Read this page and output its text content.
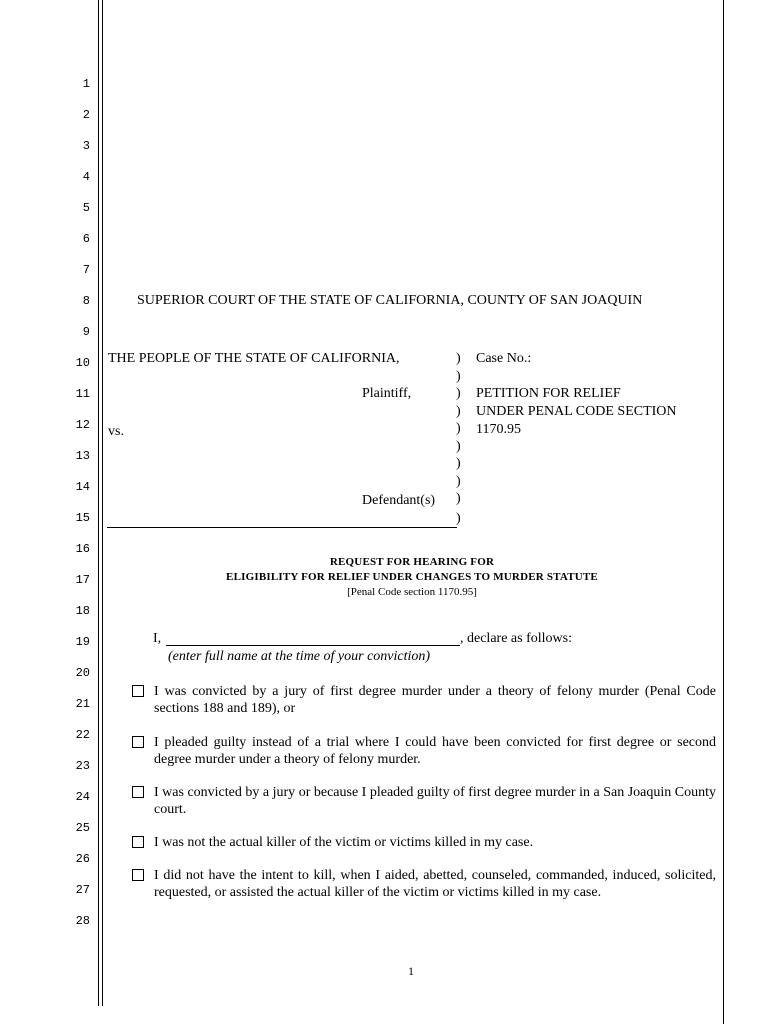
1
2
3
4
5
6
7
8
9
10
11
12
13
14
15
16
17
18
19
20
21
22
23
24
25
26
27
28
SUPERIOR COURT OF THE STATE OF CALIFORNIA, COUNTY OF SAN JOAQUIN
THE PEOPLE OF THE STATE OF CALIFORNIA,
Plaintiff,
vs.
Defendant(s)
)
)
)
)
)
)
)
)
)
)
Case No.:
PETITION FOR RELIEF
UNDER PENAL CODE SECTION
1170.95
REQUEST FOR HEARING FOR
ELIGIBILITY FOR RELIEF UNDER CHANGES TO MURDER STATUTE
[Penal Code section 1170.95]
I,	, declare as follows:
(enter full name at the time of your conviction)
I was convicted by a jury of first degree murder under a theory of felony murder (Penal Code sections 188 and 189), or
I pleaded guilty instead of a trial where I could have been convicted for first degree or second degree murder under a theory of felony murder.
I was convicted by a jury or because I pleaded guilty of first degree murder in a San Joaquin County court.
I was not the actual killer of the victim or victims killed in my case.
I did not have the intent to kill, when I aided, abetted, counseled, commanded, induced, solicited, requested, or assisted the actual killer of the victim or victims killed in my case.
1
